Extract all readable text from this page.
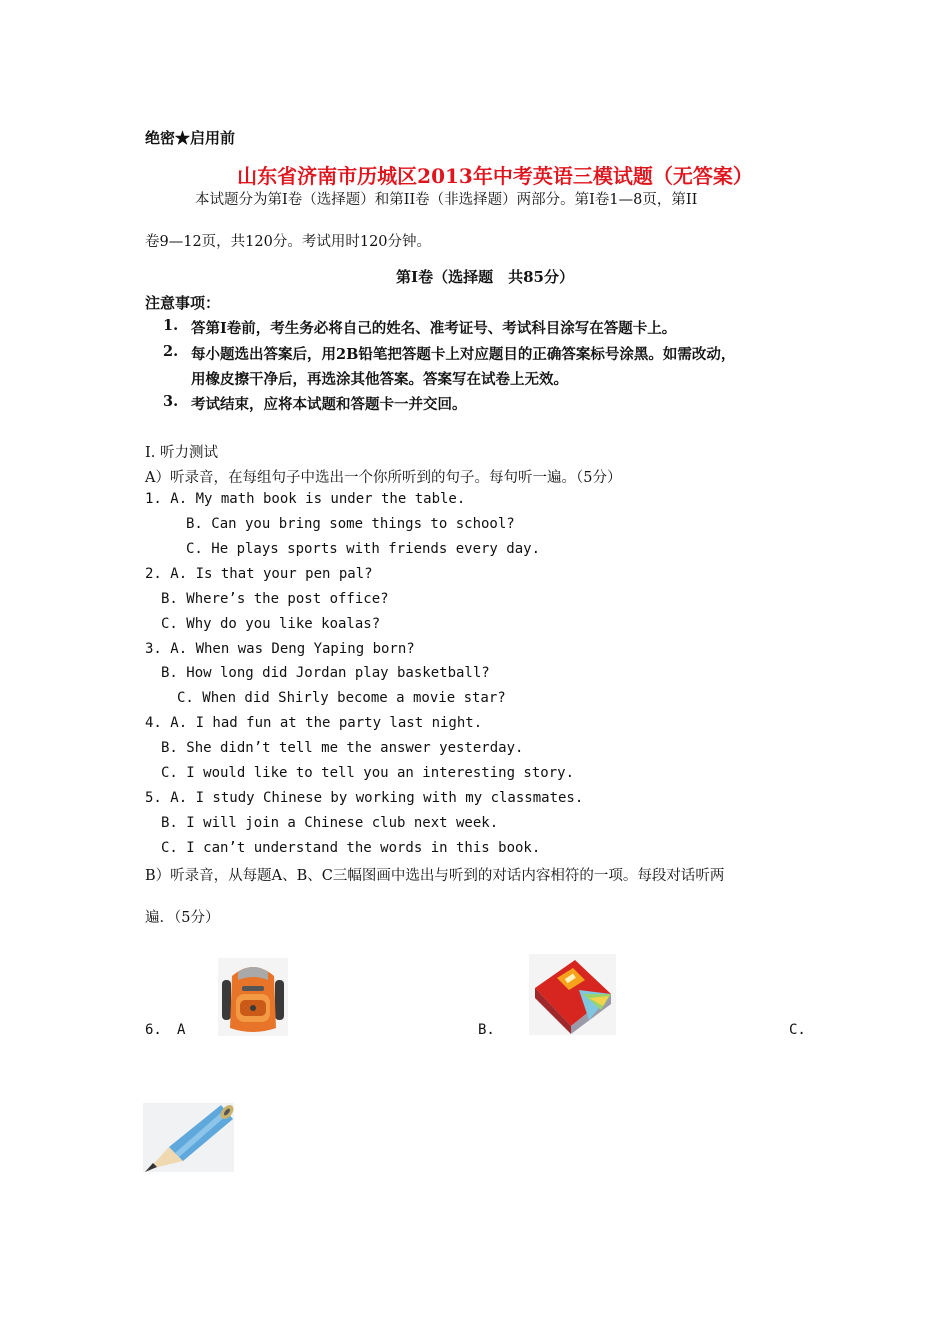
绝密★启用前
山东省济南市历城区2013年中考英语三模试题（无答案）
本试题分为第Ⅰ卷（选择题）和第II卷（非选择题）两部分。第Ⅰ卷1—8页，第II
卷9—12页，共120分。考试用时120分钟。
第Ⅰ卷（选择题　共85分）
注意事项：
1. 答第Ⅰ卷前，考生务必将自己的姓名、准考证号、考试科目涂写在答题卡上。
2. 每小题选出答案后，用2B铅笔把答题卡上对应题目的正确答案标号涂黑。如需改动，
用橡皮擦干净后，再选涂其他答案。答案写在试卷上无效。
3. 考试结束，应将本试题和答题卡一并交回。
I. 听力测试
A）听录音，在每组句子中选出一个你所听到的句子。每句听一遍。（5分）
1. A. My math book is under the table.
B. Can you bring some things to school?
C. He plays sports with friends every day.
2. A. Is that your pen pal?
B. Where’s the post office?
C. Why do you like koalas?
3. A. When was Deng Yaping born?
B. How long did Jordan play basketball?
C. When did Shirly become a movie star?
4. A. I had fun at the party last night.
B. She didn’t tell me the answer yesterday.
C. I would like to tell you an interesting story.
5. A. I study Chinese by working with my classmates.
B. I will join a Chinese club next week.
C. I can’t understand the words in this book.
B）听录音，从每题A、B、C三幅图画中选出与听到的对话内容相符的一项。每段对话听两
遍．（5分）
6. A	B.	C.
